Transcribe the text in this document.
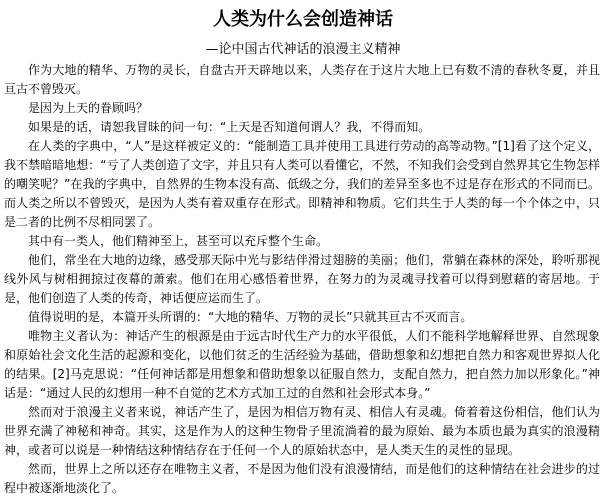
人类为什么会创造神话
—论中国古代神话的浪漫主义精神

作为大地的精华、万物的灵长，自盘古开天辟地以来，人类存在于这片大地上已有数不清的春秋冬夏，并且亘古不曾毁灭。

是因为上天的眷顾吗？

如果是的话，请恕我冒昧的问一句：“上天是否知道何谓人？我，不得而知。

在人类的字典中，“人”是这样被定义的：“能制造工具并使用工具进行劳动的高等动物。”[1]看了这个定义，我不禁暗暗地想：“亏了人类创造了文字，并且只有人类可以看懂它，不然，不知我们会受到自然界其它生物怎样的嘲笑呢？”在我的字典中，自然界的生物本没有高、低级之分，我们的差异至多也不过是存在形式的不同而已。而人类之所以不曾毁灭，是因为人类有着双重存在形式。即精神和物质。它们共生于人类的每一个个体之中，只是二者的比例不尽相同罢了。

其中有一类人，他们精神至上，甚至可以充斥整个生命。

他们，常坐在大地的边缘，感受那天际中光与影结伴滑过翅膀的美丽；他们，常躺在森林的深处，聆听那视线外风与树相拥掠过夜幕的萧索。他们在用心感悟着世界，在努力的为灵魂寻找着可以得到慰藉的寄居地。于是，他们创造了人类的传奇，神话便应运而生了。

值得说明的是，本篇开头所谓的：“大地的精华、万物的灵长”只就其亘古不灭而言。

唯物主义者认为：神话产生的根源是由于远古时代生产力的水平很低，人们不能科学地解释世界、自然现象和原始社会文化生活的起源和变化，以他们贫乏的生活经验为基础，借助想象和幻想把自然力和客观世界拟人化的结果。[2]马克思说：“任何神话都是用想象和借助想象以征服自然力，支配自然力，把自然力加以形象化。”神话是：“通过人民的幻想用一种不自觉的艺术方式加工过的自然和社会形式本身。”

然而对于浪漫主义者来说，神话产生了，是因为相信万物有灵、相信人有灵魂。倚着着这份相信，他们认为世界充满了神秘和神奇。其实，这是作为人的这种生物骨子里流淌着的最为原始、最为本质也最为真实的浪漫精神，或者可以说是一种情结这种情结存在于任何一个人的原始状态中，是人类天生的灵性的显现。

然而，世界上之所以还存在唯物主义者，不是因为他们没有浪漫情结，而是他们的这种情结在社会进步的过程中被逐渐地淡化了。
